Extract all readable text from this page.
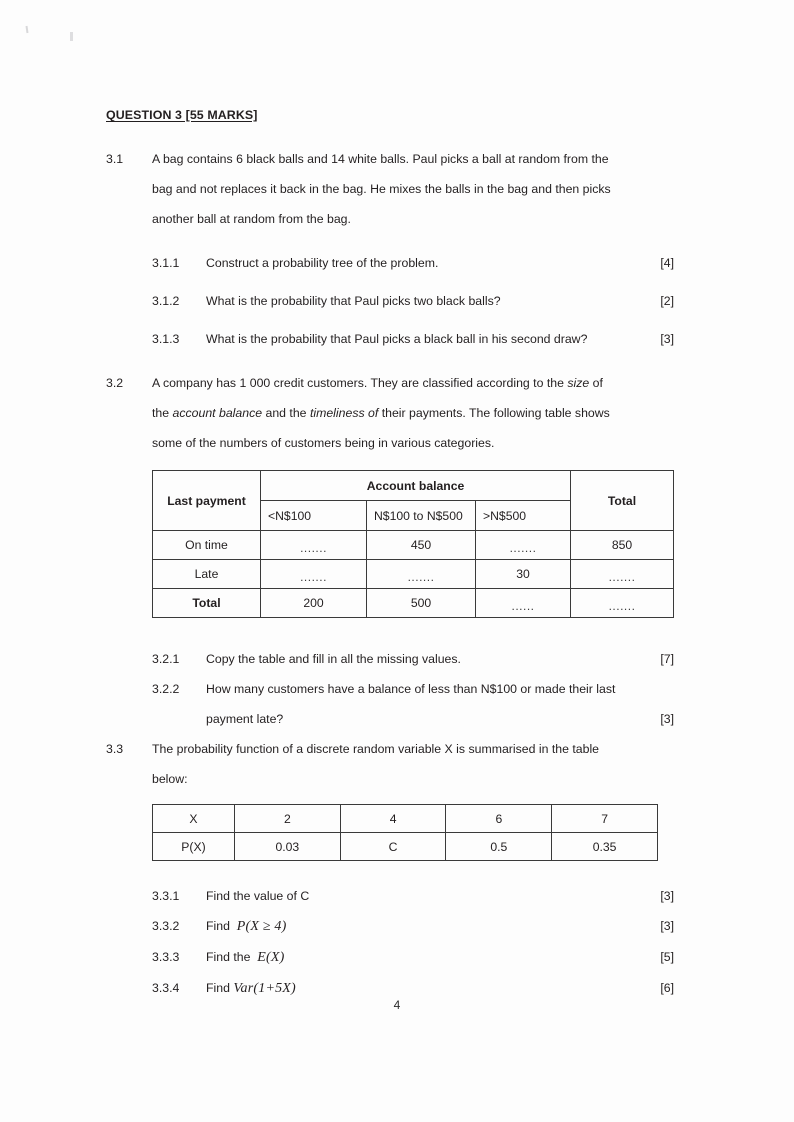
QUESTION 3 [55 MARKS]
3.1	A bag contains 6 black balls and 14 white balls. Paul picks a ball at random from the
bag and not replaces it back in the bag. He mixes the balls in the bag and then picks
another ball at random from the bag.
3.1.1	Construct a probability tree of the problem.	[4]
3.1.2	What is the probability that Paul picks two black balls?	[2]
3.1.3	What is the probability that Paul picks a black ball in his second draw?	[3]
3.2	A company has 1 000 credit customers. They are classified according to the size of
the account balance and the timeliness of their payments. The following table shows
some of the numbers of customers being in various categories.
Last payment	Account balance			Total
	<N$100	N$100 to N$500	>N$500	
On time	.......	450	.......	850
Late	.......	.......	30	.......
Total	200	500	......	.......
3.2.1	Copy the table and fill in all the missing values.	[7]
3.2.2	How many customers have a balance of less than N$100 or made their last
payment late?	[3]
3.3	The probability function of a discrete random variable X is summarised in the table
below:
X	2	4	6	7
P(X)	0.03	C	0.5	0.35
3.3.1	Find the value of C	[3]
3.3.2	Find P(X ≥ 4)	[3]
3.3.3	Find the E(X)	[5]
3.3.4	Find Var(1+5X)	[6]
4
